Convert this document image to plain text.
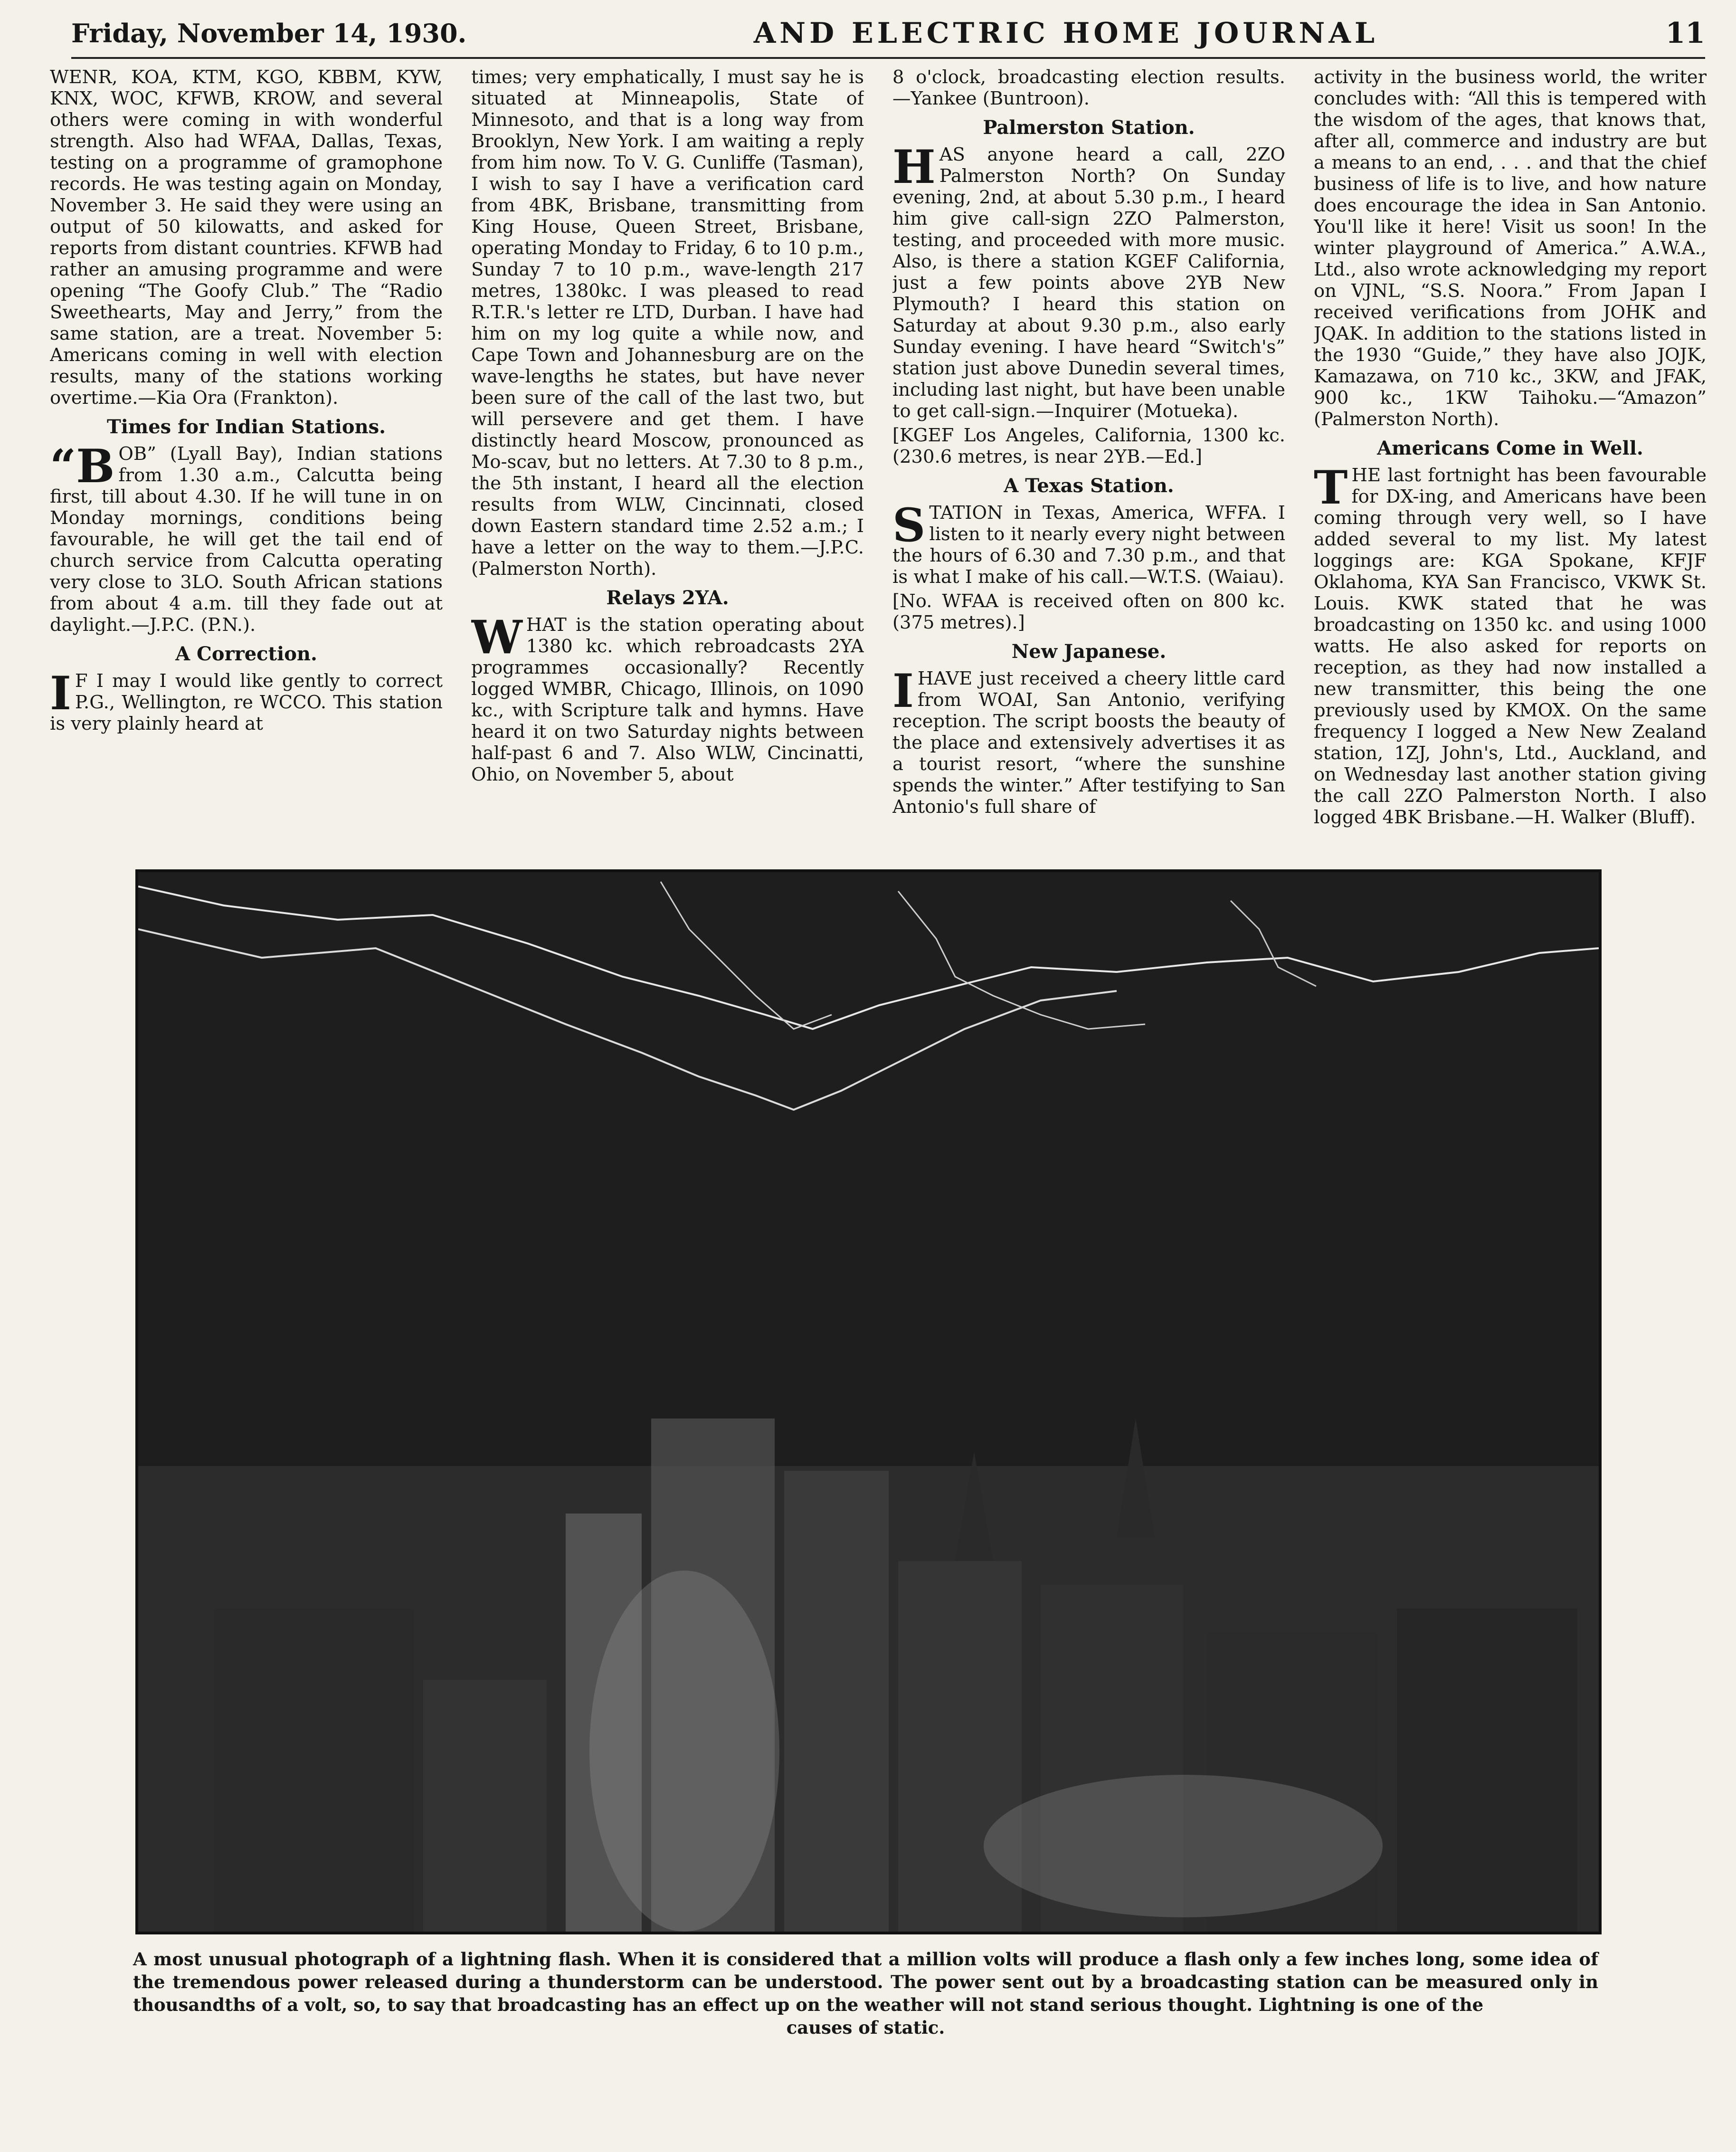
Friday, November 14, 1930.	AND ELECTRIC HOME JOURNAL	11

WENR, KOA, KTM, KGO, KBBM, KYW, KNX, WOC, KFWB, KROW, and several others were coming in with wonderful strength. Also had WFAA, Dallas, Texas, testing on a programme of gramophone records. He was testing again on Monday, November 3. He said they were using an output of 50 kilowatts, and asked for reports from distant countries. KFWB had rather an amusing programme and were opening “The Goofy Club.” The “Radio Sweethearts, May and Jerry,” from the same station, are a treat. November 5: Americans coming in well with election results, many of the stations working overtime.—Kia Ora (Frankton).

Times for Indian Stations.

“BOB” (Lyall Bay), Indian stations from 1.30 a.m., Calcutta being first, till about 4.30. If he will tune in on Monday mornings, conditions being favourable, he will get the tail end of church service from Calcutta operating very close to 3LO. South African stations from about 4 a.m. till they fade out at daylight.—J.P.C. (P.N.).

A Correction.

I F I may I would like gently to correct P.G., Wellington, re WCCO. This station is very plainly heard at

times; very emphatically, I must say he is situated at Minneapolis, State of Minnesoto, and that is a long way from Brooklyn, New York. I am waiting a reply from him now. To V. G. Cunliffe (Tasman), I wish to say I have a verification card from 4BK, Brisbane, transmitting from King House, Queen Street, Brisbane, operating Monday to Friday, 6 to 10 p.m., Sunday 7 to 10 p.m., wave-length 217 metres, 1380kc. I was pleased to read R.T.R.'s letter re LTD, Durban. I have had him on my log quite a while now, and Cape Town and Johannesburg are on the wave-lengths he states, but have never been sure of the call of the last two, but will persevere and get them. I have distinctly heard Moscow, pronounced as Mo-scav, but no letters. At 7.30 to 8 p.m., the 5th instant, I heard all the election results from WLW, Cincinnati, closed down Eastern standard time 2.52 a.m.; I have a letter on the way to them.—J.P.C. (Palmerston North).

Relays 2YA.

WHAT is the station operating about 1380 kc. which rebroadcasts 2YA programmes occasionally? Recently logged WMBR, Chicago, Illinois, on 1090 kc., with Scripture talk and hymns. Have heard it on two Saturday nights between half-past 6 and 7. Also WLW, Cincinatti, Ohio, on November 5, about

8 o'clock, broadcasting election results. —Yankee (Buntroon).

Palmerston Station.

HAS anyone heard a call, 2ZO Palmerston North? On Sunday evening, 2nd, at about 5.30 p.m., I heard him give call-sign 2ZO Palmerston, testing, and proceeded with more music. Also, is there a station KGEF California, just a few points above 2YB New Plymouth? I heard this station on Saturday at about 9.30 p.m., also early Sunday evening. I have heard “Switch's” station just above Dunedin several times, including last night, but have been unable to get call-sign.—Inquirer (Motueka).

[KGEF Los Angeles, California, 1300 kc. (230.6 metres, is near 2YB.—Ed.]

A Texas Station.

STATION in Texas, America, WFFA. I listen to it nearly every night between the hours of 6.30 and 7.30 p.m., and that is what I make of his call.—W.T.S. (Waiau).

[No. WFAA is received often on 800 kc. (375 metres).]

New Japanese.

I HAVE just received a cheery little card from WOAI, San Antonio, verifying reception. The script boosts the beauty of the place and extensively advertises it as a tourist resort, “where the sunshine spends the winter.” After testifying to San Antonio's full share of

activity in the business world, the writer concludes with: “All this is tempered with the wisdom of the ages, that knows that, after all, commerce and industry are but a means to an end, . . . and that the chief business of life is to live, and how nature does encourage the idea in San Antonio. You'll like it here! Visit us soon! In the winter playground of America.” A.W.A., Ltd., also wrote acknowledging my report on VJNL, “S.S. Noora.” From Japan I received verifications from JOHK and JQAK. In addition to the stations listed in the 1930 “Guide,” they have also JOJK, Kamazawa, on 710 kc., 3KW, and JFAK, 900 kc., 1KW Taihoku.—“Amazon” (Palmerston North).

Americans Come in Well.

THE last fortnight has been favourable for DX-ing, and Americans have been coming through very well, so I have added several to my list. My latest loggings are: KGA Spokane, KFJF Oklahoma, KYA San Francisco, VKWK St. Louis. KWK stated that he was broadcasting on 1350 kc. and using 1000 watts. He also asked for reports on reception, as they had now installed a new transmitter, this being the one previously used by KMOX. On the same frequency I logged a New New Zealand station, 1ZJ, John's, Ltd., Auckland, and on Wednesday last another station giving the call 2ZO Palmerston North. I also logged 4BK Brisbane.—H. Walker (Bluff).

A most unusual photograph of a lightning flash. When it is considered that a million volts will produce a flash only a few inches long, some idea of the tremendous power released during a thunderstorm can be understood. The power sent out by a broadcasting station can be measured only in thousandths of a volt, so, to say that broadcasting has an effect up on the weather will not stand serious thought. Lightning is one of the
causes of static.
